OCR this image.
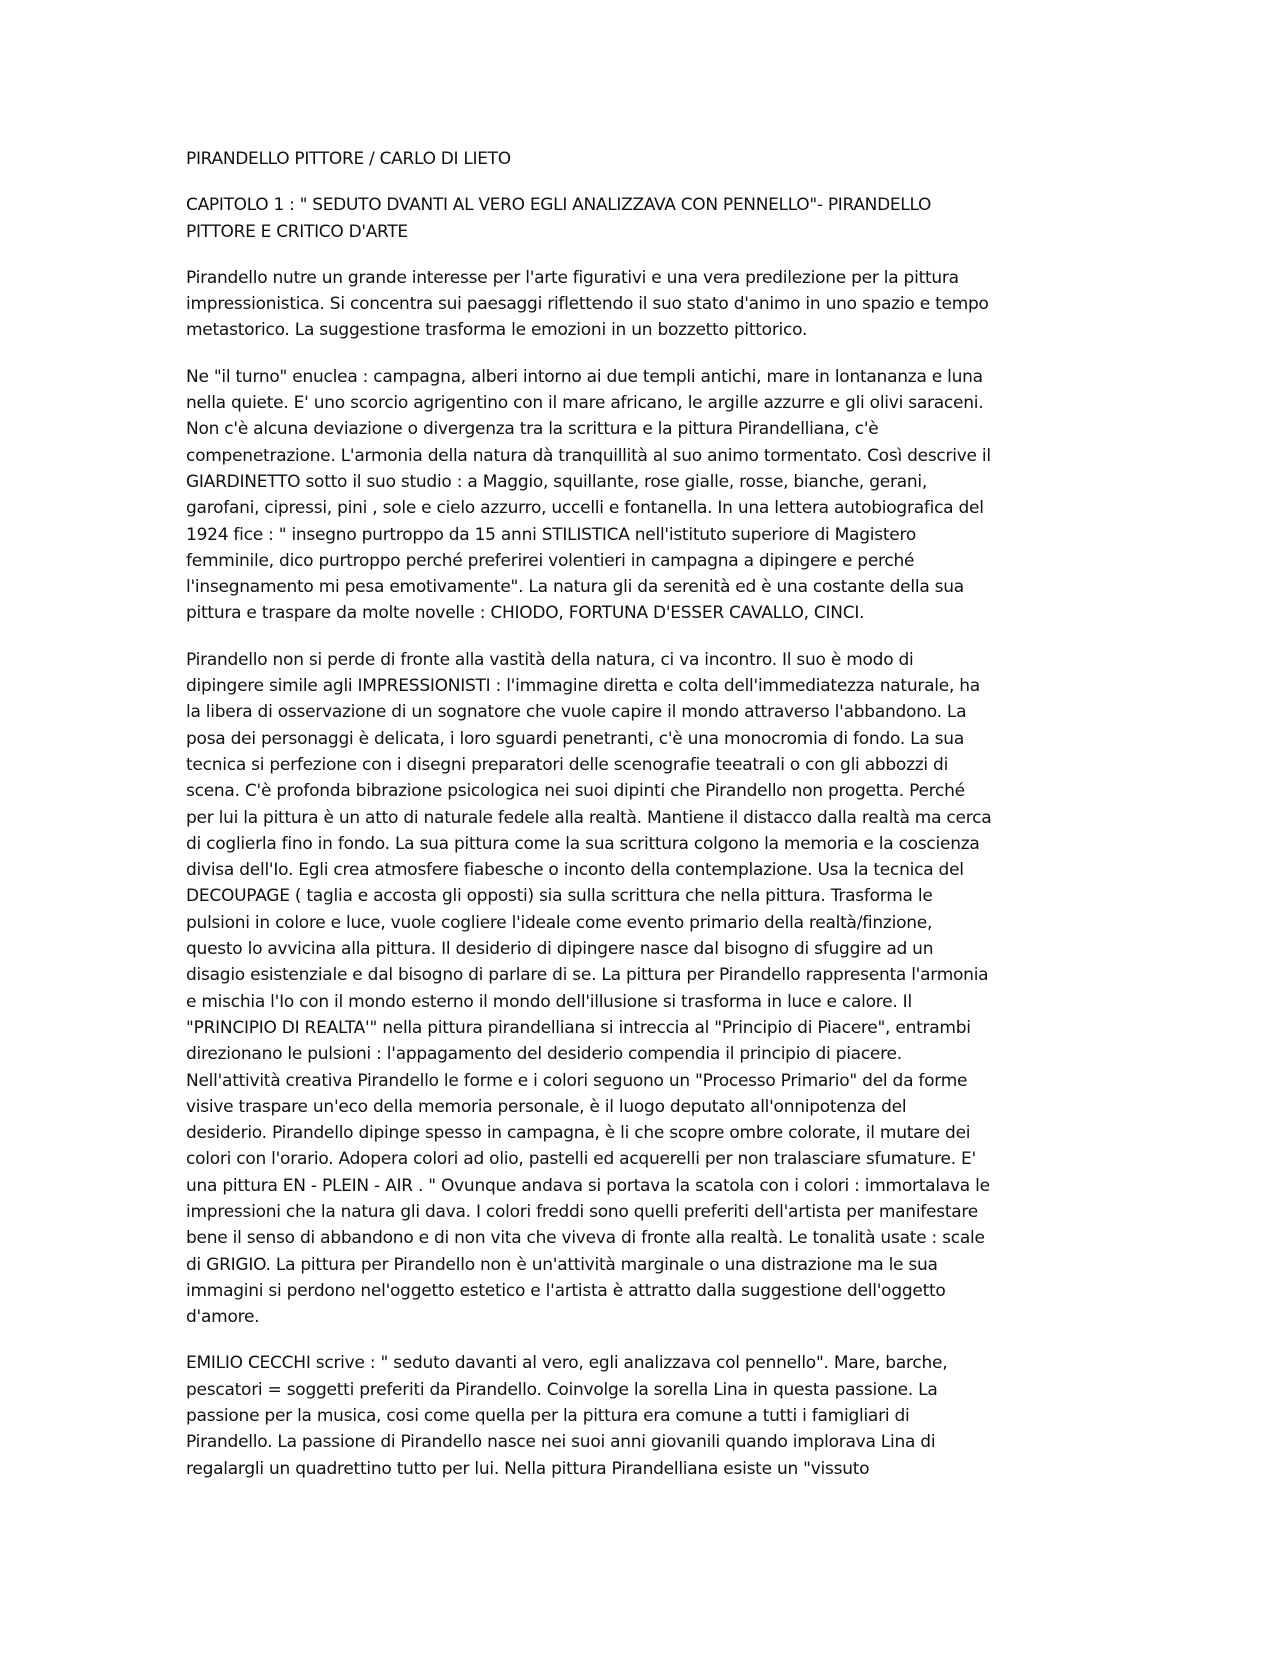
PIRANDELLO PITTORE / CARLO DI LIETO

CAPITOLO 1 : " SEDUTO DVANTI AL VERO EGLI ANALIZZAVA CON PENNELLO"- PIRANDELLO
PITTORE E CRITICO D'ARTE

Pirandello nutre un grande interesse per l'arte figurativi e una vera predilezione per la pittura
impressionistica. Si concentra sui paesaggi riflettendo il suo stato d'animo in uno spazio e tempo
metastorico. La suggestione trasforma le emozioni in un bozzetto pittorico.

Ne "il turno" enuclea : campagna, alberi intorno ai due templi antichi, mare in lontananza e luna
nella quiete. E' uno scorcio agrigentino con il mare africano, le argille azzurre e gli olivi saraceni.
Non c'è alcuna deviazione o divergenza tra la scrittura e la pittura Pirandelliana, c'è
compenetrazione. L'armonia della natura dà tranquillità al suo animo tormentato. Così descrive il
GIARDINETTO sotto il suo studio : a Maggio, squillante, rose gialle, rosse, bianche, gerani,
garofani, cipressi, pini , sole e cielo azzurro, uccelli e fontanella. In una lettera autobiografica del
1924 fice : " insegno purtroppo da 15 anni STILISTICA nell'istituto superiore di Magistero
femminile, dico purtroppo perché preferirei volentieri in campagna a dipingere e perché
l'insegnamento mi pesa emotivamente". La natura gli da serenità ed è una costante della sua
pittura e traspare da molte novelle : CHIODO, FORTUNA D'ESSER CAVALLO, CINCI.

Pirandello non si perde di fronte alla vastità della natura, ci va incontro. Il suo è modo di
dipingere simile agli IMPRESSIONISTI : l'immagine diretta e colta dell'immediatezza naturale, ha
la libera di osservazione di un sognatore che vuole capire il mondo attraverso l'abbandono. La
posa dei personaggi è delicata, i loro sguardi penetranti, c'è una monocromia di fondo. La sua
tecnica si perfezione con i disegni preparatori delle scenografie teeatrali o con gli abbozzi di
scena. C'è profonda bibrazione psicologica nei suoi dipinti che Pirandello non progetta. Perché
per lui la pittura è un atto di naturale fedele alla realtà. Mantiene il distacco dalla realtà ma cerca
di coglierla fino in fondo. La sua pittura come la sua scrittura colgono la memoria e la coscienza
divisa dell'Io. Egli crea atmosfere fiabesche o inconto della contemplazione. Usa la tecnica del
DECOUPAGE ( taglia e accosta gli opposti) sia sulla scrittura che nella pittura. Trasforma le
pulsioni in colore e luce, vuole cogliere l'ideale come evento primario della realtà/finzione,
questo lo avvicina alla pittura. Il desiderio di dipingere nasce dal bisogno di sfuggire ad un
disagio esistenziale e dal bisogno di parlare di se. La pittura per Pirandello rappresenta l'armonia
e mischia l'Io con il mondo esterno il mondo dell'illusione si trasforma in luce e calore. Il
"PRINCIPIO DI REALTA'" nella pittura pirandelliana si intreccia al "Principio di Piacere", entrambi
direzionano le pulsioni : l'appagamento del desiderio compendia il principio di piacere.
Nell'attività creativa Pirandello le forme e i colori seguono un "Processo Primario" del da forme
visive traspare un'eco della memoria personale, è il luogo deputato all'onnipotenza del
desiderio. Pirandello dipinge spesso in campagna, è li che scopre ombre colorate, il mutare dei
colori con l'orario. Adopera colori ad olio, pastelli ed acquerelli per non tralasciare sfumature. E'
una pittura EN - PLEIN - AIR . " Ovunque andava si portava la scatola con i colori : immortalava le
impressioni che la natura gli dava. I colori freddi sono quelli preferiti dell'artista per manifestare
bene il senso di abbandono e di non vita che viveva di fronte alla realtà. Le tonalità usate : scale
di GRIGIO. La pittura per Pirandello non è un'attività marginale o una distrazione ma le sua
immagini si perdono nel'oggetto estetico e l'artista è attratto dalla suggestione dell'oggetto
d'amore.

EMILIO CECCHI scrive : " seduto davanti al vero, egli analizzava col pennello". Mare, barche,
pescatori = soggetti preferiti da Pirandello. Coinvolge la sorella Lina in questa passione. La
passione per la musica, cosi come quella per la pittura era comune a tutti i famigliari di
Pirandello. La passione di Pirandello nasce nei suoi anni giovanili quando implorava Lina di
regalargli un quadrettino tutto per lui. Nella pittura Pirandelliana esiste un "vissuto
